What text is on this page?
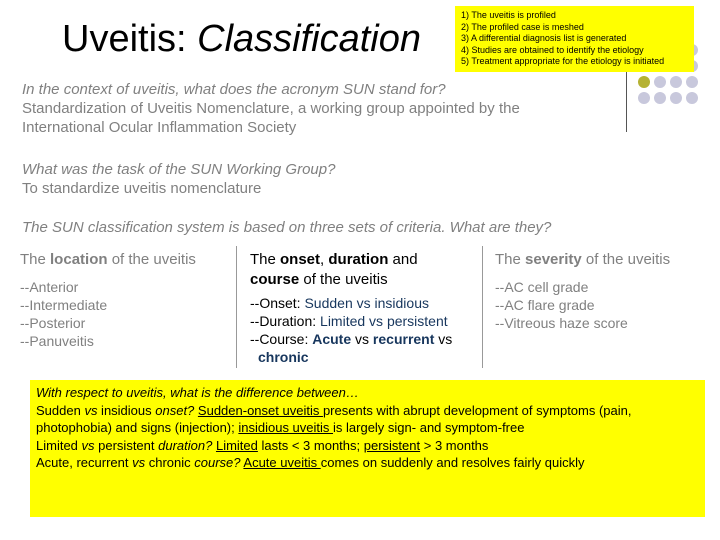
Uveitis: Classification
1) The uveitis is profiled
2) The profiled case is meshed
3) A differential diagnosis list is generated
4) Studies are obtained to identify the etiology
5) Treatment appropriate for the etiology is initiated
In the context of uveitis, what does the acronym SUN stand for?
Standardization of Uveitis Nomenclature, a working group appointed by the
International Ocular Inflammation Society
What was the task of the SUN Working Group?
To standardize uveitis nomenclature
The SUN classification system is based on three sets of criteria. What are they?
The location of the uveitis
--Anterior
--Intermediate
--Posterior
--Panuveitis
The onset, duration and
course of the uveitis
--Onset: Sudden vs insidious
--Duration: Limited vs persistent
--Course: Acute vs recurrent vs
chronic
The severity of the uveitis
--AC cell grade
--AC flare grade
--Vitreous haze score
With respect to uveitis, what is the difference between…
Sudden vs insidious onset? Sudden-onset uveitis presents with abrupt development of symptoms (pain,
photophobia) and signs (injection); insidious uveitis is largely sign- and symptom-free
Limited vs persistent duration? Limited lasts < 3 months; persistent > 3 months
Acute, recurrent vs chronic course? Acute uveitis comes on suddenly and resolves fairly quickly
